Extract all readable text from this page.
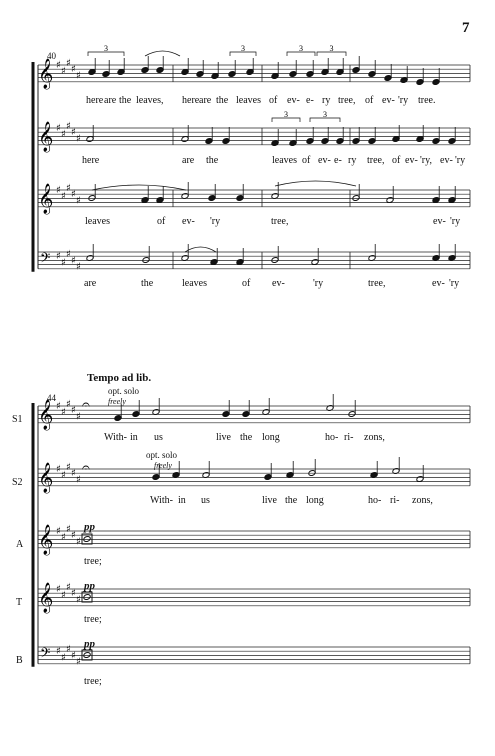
7
𝄞 ♯
♯
♯
♯
♯
𝄞 ♯
♯
♯
♯
♯
𝄞 ♯
♯
♯
♯
♯
𝄢 ♯
♯
♯
♯
♯
𝄞 ♯
♯
♯
♯
♯
𝄞 ♯
♯
♯
♯
♯
𝄞 ♯
♯
♯
♯
♯
𝄞 ♯
♯
♯
♯
♯
𝄢 ♯
♯
♯
♯
♯
3	3	3	3
3	3
𝄐
𝄐
40
44
Tempo ad lib.
S1
S2
A
T
B
opt. solo
freely
opt. solo
freely
pp
pp
pp
here are the leaves, here are the leaves of ev- e- ry tree, of ev- 'ry tree.
here	are the	leaves of ev- e- ry tree, of ev- 'ry, ev- 'ry
leaves	of ev- 'ry	tree,	ev- 'ry
are	the	leaves	of ev-	'ry	tree,	ev- 'ry
With- in us	live the long	ho- ri- zons,
With- in us	live the long	ho- ri- zons,
tree;
tree;
tree;
